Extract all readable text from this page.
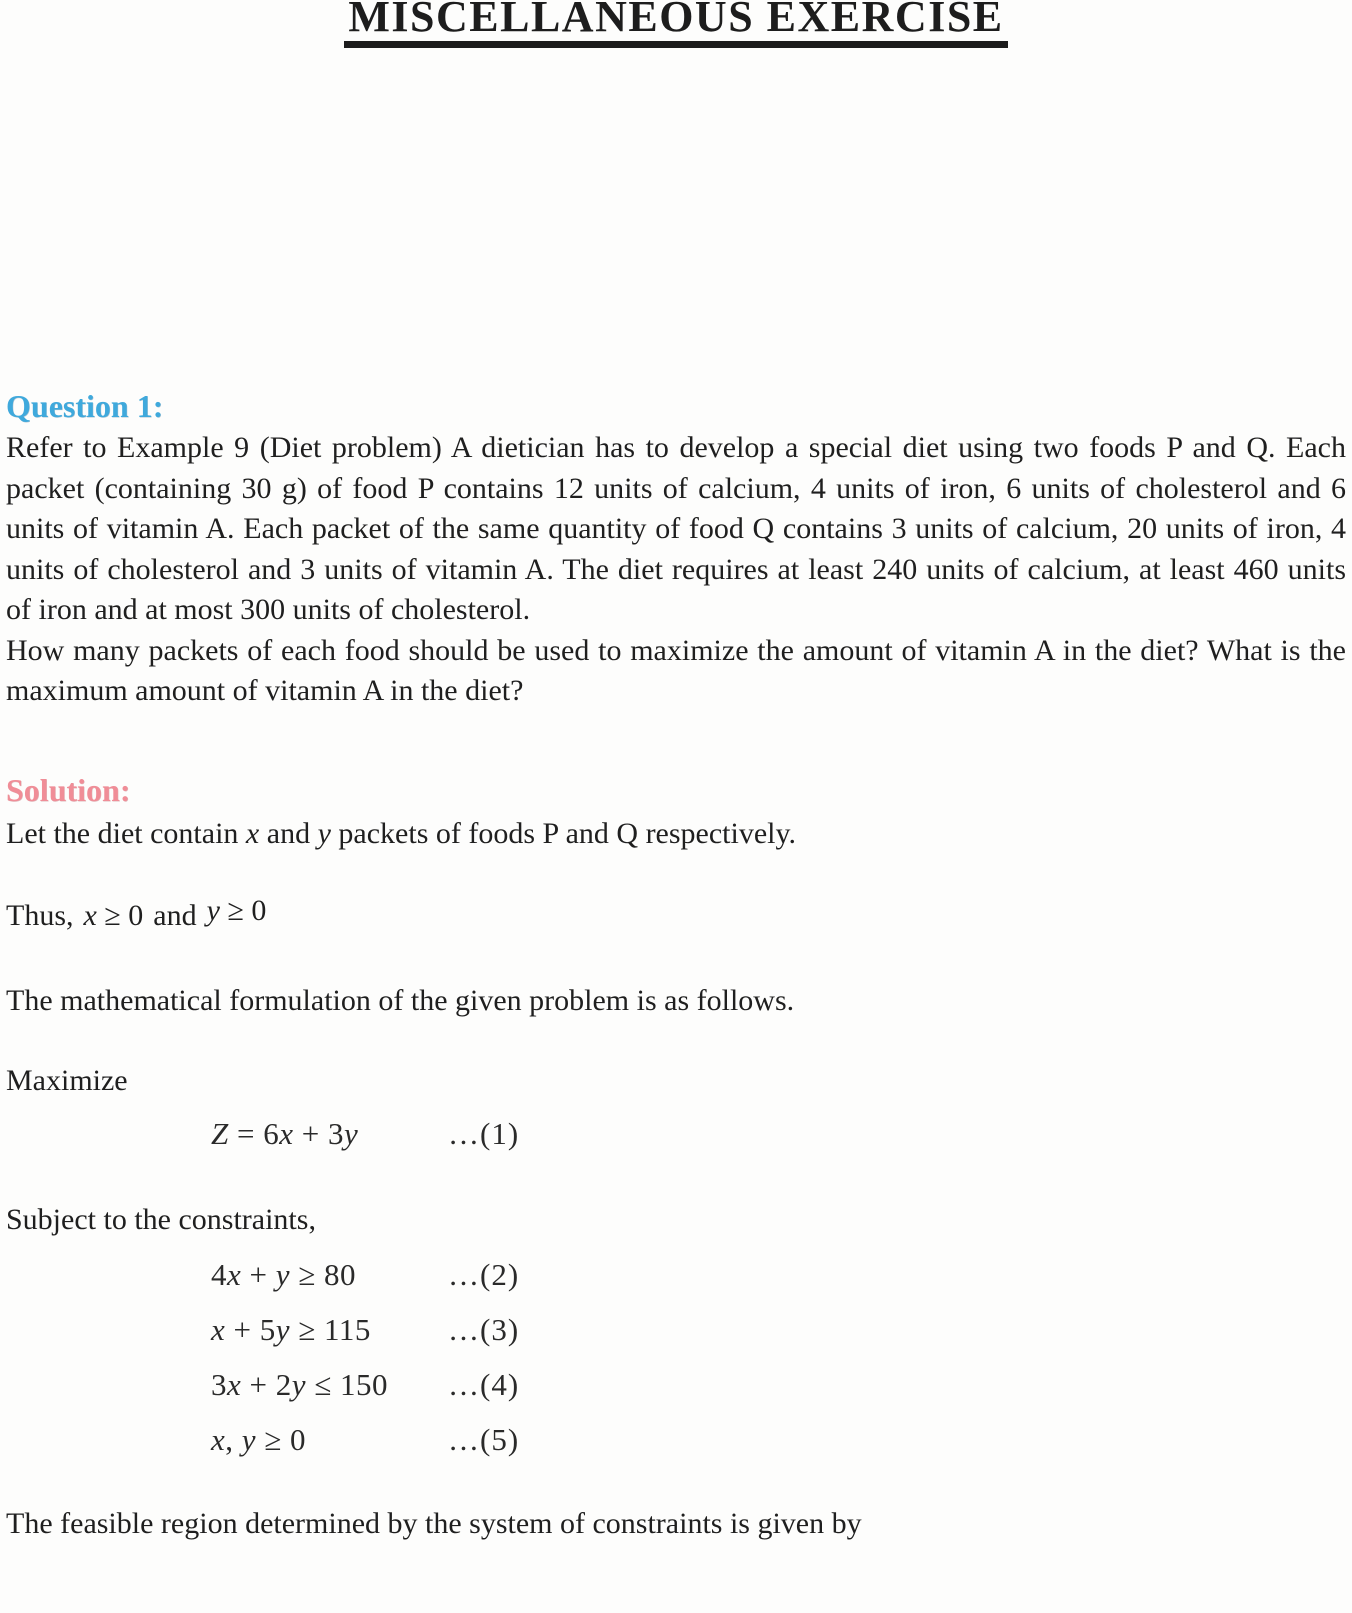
MISCELLANEOUS EXERCISE
Question 1:

Refer to Example 9 (Diet problem) A dietician has to develop a special diet using two foods P and Q. Each packet (containing 30 g) of food P contains 12 units of calcium, 4 units of iron, 6 units of cholesterol and 6 units of vitamin A. Each packet of the same quantity of food Q contains 3 units of calcium, 20 units of iron, 4 units of cholesterol and 3 units of vitamin A. The diet requires at least 240 units of calcium, at least 460 units of iron and at most 300 units of cholesterol.

How many packets of each food should be used to maximize the amount of vitamin A in the diet? What is the maximum amount of vitamin A in the diet?

Solution:

Let the diet contain x and y packets of foods P and Q respectively.

Thus, x ≥ 0 and y ≥ 0

The mathematical formulation of the given problem is as follows.

Maximize

Z = 6x + 3y	…(1)

Subject to the constraints,

4x + y ≥ 80	…(2)
x + 5y ≥ 115	…(3)
3x + 2y ≤ 150	…(4)
x, y ≥ 0	…(5)

The feasible region determined by the system of constraints is given by
